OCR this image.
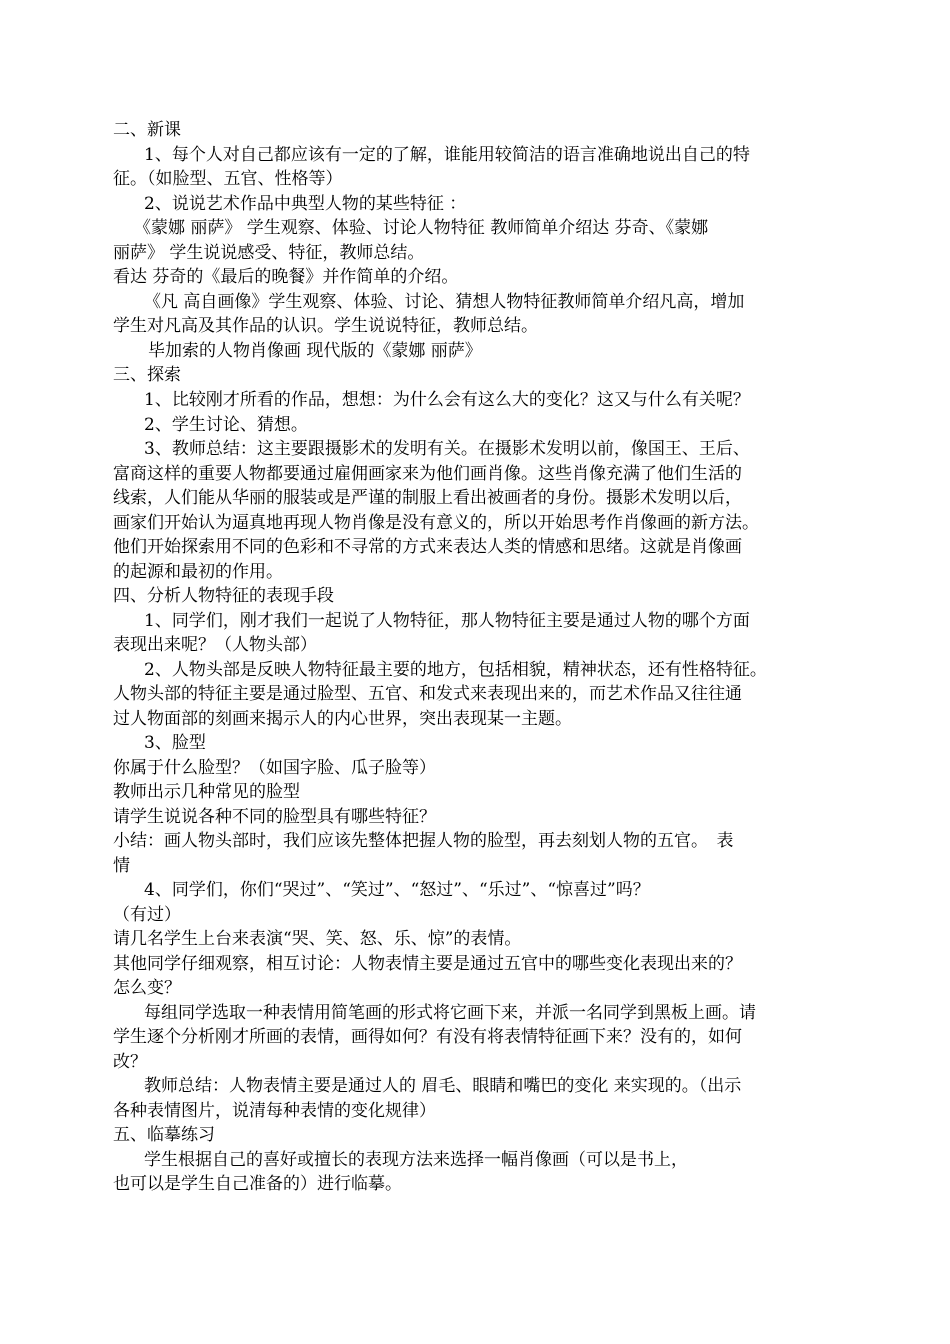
二、新课
1、每个人对自己都应该有一定的了解，谁能用较简洁的语言准确地说出自己的特
征。（如脸型、五官、性格等）
2、说说艺术作品中典型人物的某些特征 ：
《蒙娜 丽萨》 学生观察、体验、讨论人物特征 教师简单介绍达 芬奇、《蒙娜
丽萨》 学生说说感受、特征，教师总结。
看达 芬奇的《最后的晚餐》并作简单的介绍。
《凡 高自画像》学生观察、体验、讨论、猜想人物特征教师简单介绍凡高，增加
学生对凡高及其作品的认识。学生说说特征，教师总结。
毕加索的人物肖像画 现代版的《蒙娜 丽萨》
三、探索
1、比较刚才所看的作品，想想：为什么会有这么大的变化？这又与什么有关呢？
2、学生讨论、猜想。
3、教师总结：这主要跟摄影术的发明有关。在摄影术发明以前，像国王、王后、
富商这样的重要人物都要通过雇佣画家来为他们画肖像。这些肖像充满了他们生活的
线索，人们能从华丽的服装或是严谨的制服上看出被画者的身份。摄影术发明以后，
画家们开始认为逼真地再现人物肖像是没有意义的，所以开始思考作肖像画的新方法。
他们开始探索用不同的色彩和不寻常的方式来表达人类的情感和思绪。这就是肖像画
的起源和最初的作用。
四、分析人物特征的表现手段
1、同学们，刚才我们一起说了人物特征，那人物特征主要是通过人物的哪个方面
表现出来呢？（人物头部）
2、人物头部是反映人物特征最主要的地方，包括相貌，精神状态，还有性格特征。
人物头部的特征主要是通过脸型、五官、和发式来表现出来的，而艺术作品又往往通
过人物面部的刻画来揭示人的内心世界，突出表现某一主题。
3、脸型
你属于什么脸型？（如国字脸、瓜子脸等）
教师出示几种常见的脸型
请学生说说各种不同的脸型具有哪些特征？
小结：画人物头部时，我们应该先整体把握人物的脸型，再去刻划人物的五官。　表
情
4、同学们，你们“哭过”、“笑过”、“怒过”、“乐过”、“惊喜过”吗？
（有过）
请几名学生上台来表演“哭、笑、怒、乐、惊”的表情。
其他同学仔细观察，相互讨论：人物表情主要是通过五官中的哪些变化表现出来的？
怎么变？
每组同学选取一种表情用简笔画的形式将它画下来，并派一名同学到黑板上画。请
学生逐个分析刚才所画的表情，画得如何？有没有将表情特征画下来？没有的，如何
改？
教师总结：人物表情主要是通过人的 眉毛、眼睛和嘴巴的变化 来实现的。（出示
各种表情图片，说清每种表情的变化规律）
五、临摹练习
学生根据自己的喜好或擅长的表现方法来选择一幅肖像画（可以是书上，
也可以是学生自己准备的）进行临摹。
